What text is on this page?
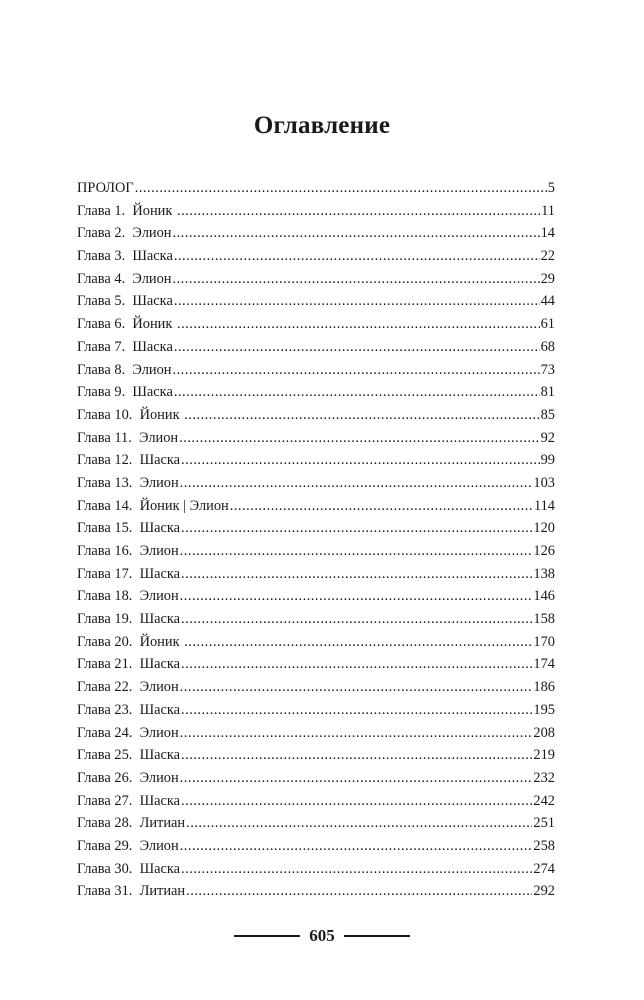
Оглавление
ПРОЛОГ .....	5
Глава 1.  Йоник .....	11
Глава 2.  Элион .....	14
Глава 3.  Шаска .....	22
Глава 4.  Элион .....	29
Глава 5.  Шаска .....	44
Глава 6.  Йоник .....	61
Глава 7.  Шаска .....	68
Глава 8.  Элион .....	73
Глава 9.  Шаска .....	81
Глава 10.  Йоник .....	85
Глава 11.  Элион .....	92
Глава 12.  Шаска .....	99
Глава 13.  Элион .....	103
Глава 14.  Йоник | Элион .....	114
Глава 15.  Шаска .....	120
Глава 16.  Элион .....	126
Глава 17.  Шаска .....	138
Глава 18.  Элион .....	146
Глава 19.  Шаска .....	158
Глава 20.  Йоник .....	170
Глава 21.  Шаска .....	174
Глава 22.  Элион .....	186
Глава 23.  Шаска .....	195
Глава 24.  Элион .....	208
Глава 25.  Шаска .....	219
Глава 26.  Элион .....	232
Глава 27.  Шаска .....	242
Глава 28.  Литиан .....	251
Глава 29.  Элион .....	258
Глава 30.  Шаска .....	274
Глава 31.  Литиан .....	292
605
